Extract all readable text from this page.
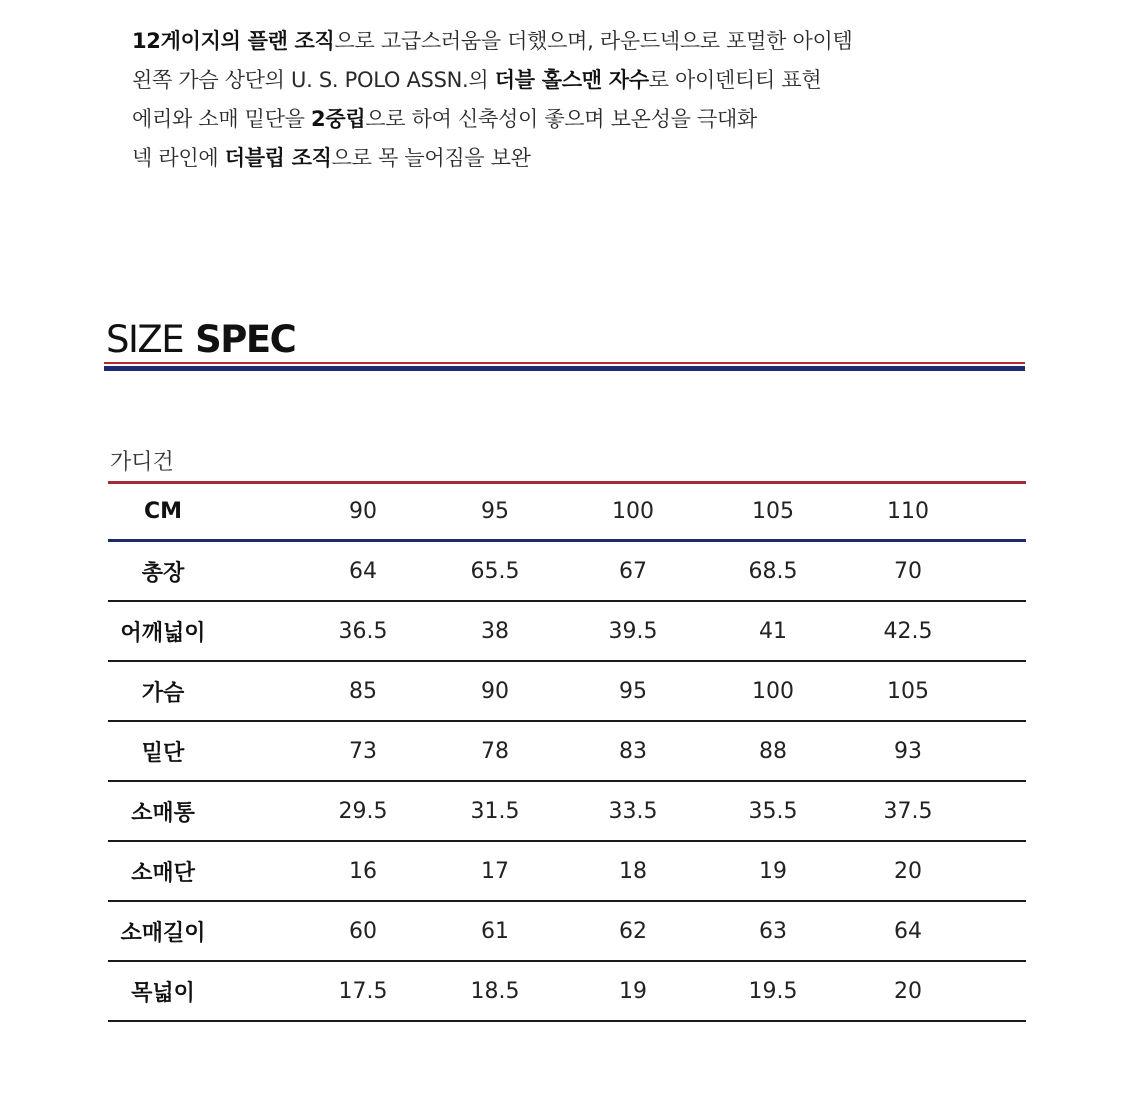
12게이지의 플랜 조직으로 고급스러움을 더했으며, 라운드넥으로 포멀한 아이템
왼쪽 가슴 상단의 U. S. POLO ASSN.의 더블 홀스맨 자수로 아이덴티티 표현
에리와 소매 밑단을 2중립으로 하여 신축성이 좋으며 보온성을 극대화
넥 라인에 더블립 조직으로 목 늘어짐을 보완
SIZE SPEC
가디건
CM	90	95	100	105	110
총장	64	65.5	67	68.5	70
어깨넓이	36.5	38	39.5	41	42.5
가슴	85	90	95	100	105
밑단	73	78	83	88	93
소매통	29.5	31.5	33.5	35.5	37.5
소매단	16	17	18	19	20
소매길이	60	61	62	63	64
목넓이	17.5	18.5	19	19.5	20
